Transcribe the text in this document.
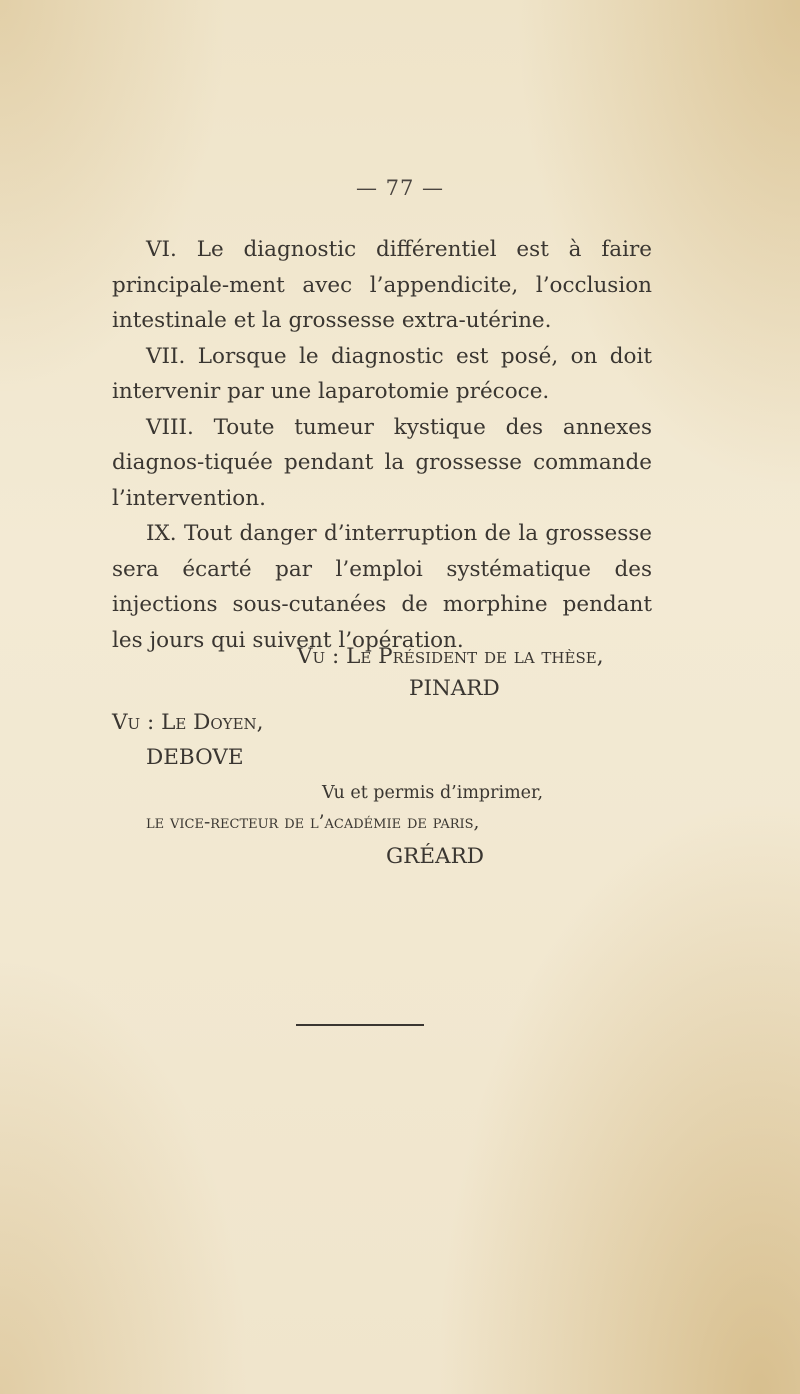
— 77 —

VI. Le diagnostic différentiel est à faire principale-ment avec l’appendicite, l’occlusion intestinale et la grossesse extra-utérine.

VII. Lorsque le diagnostic est posé, on doit intervenir par une laparotomie précoce.

VIII. Toute tumeur kystique des annexes diagnos-tiquée pendant la grossesse commande l’intervention.

IX. Tout danger d’interruption de la grossesse sera écarté par l’emploi systématique des injections sous-cutanées de morphine pendant les jours qui suivent l’opération.

Vu : Le Président de la thèse,
PINARD
Vu : Le Doyen,
DEBOVE
Vu et permis d’imprimer,
le vice-recteur de l’académie de paris,
GRÉARD
